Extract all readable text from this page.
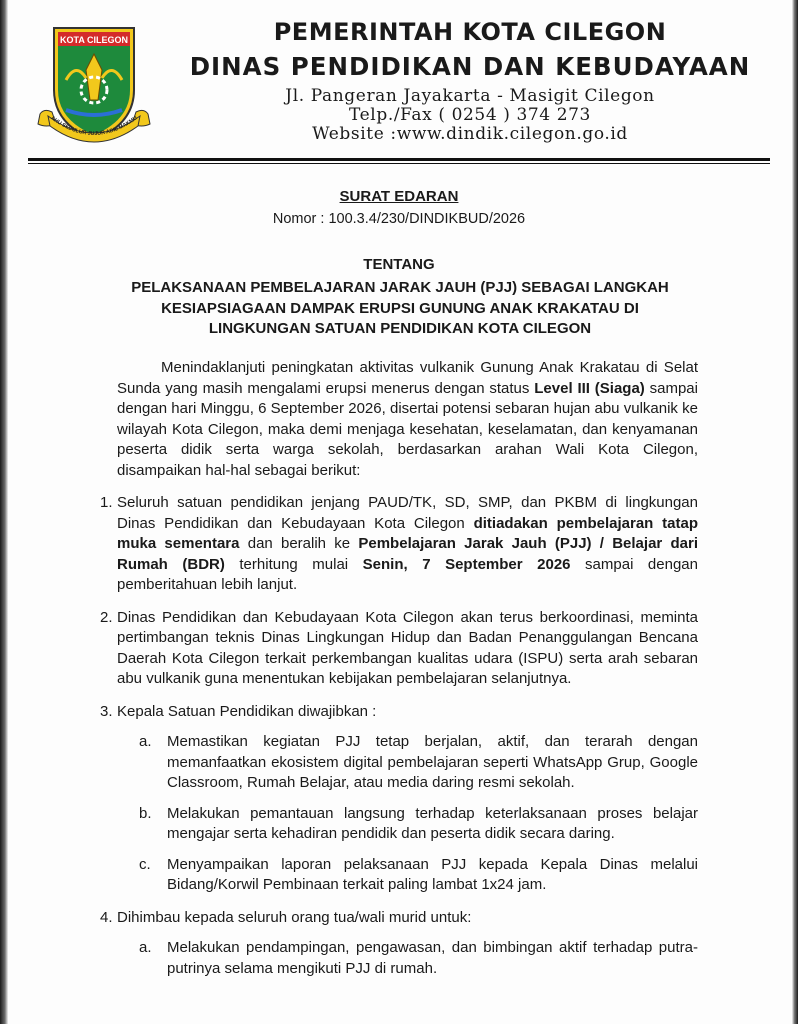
KOTA CILEGON
AHU SEDULUR JUJUR ADIL MAKMU
PEMERINTAH KOTA CILEGON
DINAS PENDIDIKAN DAN KEBUDAYAAN
Jl. Pangeran Jayakarta - Masigit Cilegon
Telp./Fax ( 0254 ) 374 273
Website :www.dindik.cilegon.go.id
SURAT EDARAN
Nomor : 100.3.4/230/DINDIKBUD/2026
TENTANG
PELAKSANAAN PEMBELAJARAN JARAK JAUH (PJJ) SEBAGAI LANGKAH
KESIAPSIAGAAN DAMPAK ERUPSI GUNUNG ANAK KRAKATAU DI
LINGKUNGAN SATUAN PENDIDIKAN KOTA CILEGON

Menindaklanjuti peningkatan aktivitas vulkanik Gunung Anak Krakatau di Selat Sunda yang masih mengalami erupsi menerus dengan status Level III (Siaga) sampai dengan hari Minggu, 6 September 2026, disertai potensi sebaran hujan abu vulkanik ke wilayah Kota Cilegon, maka demi menjaga kesehatan, keselamatan, dan kenyamanan peserta didik serta warga sekolah, berdasarkan arahan Wali Kota Cilegon, disampaikan hal-hal sebagai berikut:

1. Seluruh satuan pendidikan jenjang PAUD/TK, SD, SMP, dan PKBM di lingkungan Dinas Pendidikan dan Kebudayaan Kota Cilegon ditiadakan pembelajaran tatap muka sementara dan beralih ke Pembelajaran Jarak Jauh (PJJ) / Belajar dari Rumah (BDR) terhitung mulai Senin, 7 September 2026 sampai dengan pemberitahuan lebih lanjut.

2. Dinas Pendidikan dan Kebudayaan Kota Cilegon akan terus berkoordinasi, meminta pertimbangan teknis Dinas Lingkungan Hidup dan Badan Penanggulangan Bencana Daerah Kota Cilegon terkait perkembangan kualitas udara (ISPU) serta arah sebaran abu vulkanik guna menentukan kebijakan pembelajaran selanjutnya.

3. Kepala Satuan Pendidikan diwajibkan :

a. Memastikan kegiatan PJJ tetap berjalan, aktif, dan terarah dengan memanfaatkan ekosistem digital pembelajaran seperti WhatsApp Grup, Google Classroom, Rumah Belajar, atau media daring resmi sekolah.

b. Melakukan pemantauan langsung terhadap keterlaksanaan proses belajar mengajar serta kehadiran pendidik dan peserta didik secara daring.

c. Menyampaikan laporan pelaksanaan PJJ kepada Kepala Dinas melalui Bidang/Korwil Pembinaan terkait paling lambat 1x24 jam.

4. Dihimbau kepada seluruh orang tua/wali murid untuk:

a. Melakukan pendampingan, pengawasan, dan bimbingan aktif terhadap putra-putrinya selama mengikuti PJJ di rumah.
